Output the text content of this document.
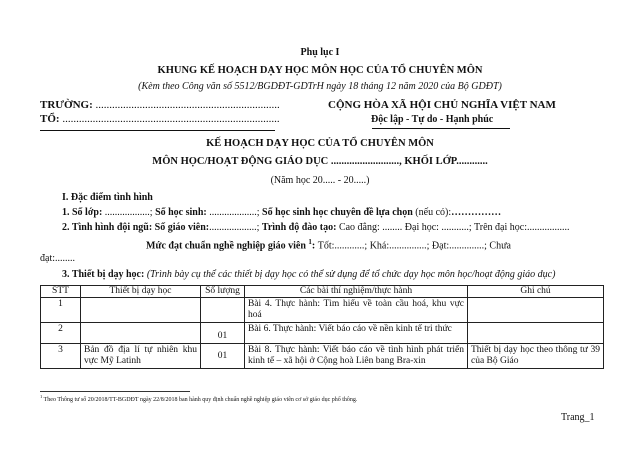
Phụ lục I
KHUNG KẾ HOẠCH DẠY HỌC MÔN HỌC CỦA TỔ CHUYÊN MÔN
(Kèm theo Công văn số 5512/BGDĐT-GDTrH ngày 18 tháng 12 năm 2020 của Bộ GDĐT)
TRƯỜNG: ...................................................................
TỔ: ...............................................................................
CỘNG HÒA XÃ HỘI CHỦ NGHĨA VIỆT NAM
Độc lập - Tự do - Hạnh phúc
KẾ HOẠCH DẠY HỌC CỦA TỔ CHUYÊN MÔN
MÔN HỌC/HOẠT ĐỘNG GIÁO DỤC .........................., KHỐI LỚP............
(Năm học 20..... - 20.....)
I. Đặc điểm tình hình
1. Số lớp: ..................; Số học sinh: ...................; Số học sinh học chuyên đề lựa chọn (nếu có):……………
2. Tình hình đội ngũ: Số giáo viên:...................; Trình độ đào tạo: Cao đẳng: ........ Đại học: ...........; Trên đại học:.................
Mức đạt chuẩn nghề nghiệp giáo viên $^1$: Tốt:............; Khá:...............; Đạt:..............; Chưa
đạt:........
3. Thiết bị dạy học: (Trình bày cụ thể các thiết bị dạy học có thể sử dụng để tổ chức dạy học môn học/hoạt động giáo dục)
STT	Thiết bị dạy học	Số lượng	Các bài thí nghiệm/thực hành	Ghi chú
1			Bài 4. Thực hành: Tìm hiểu về toàn cầu hoá, khu vực hoá	
2		01	Bài 6. Thực hành: Viết báo cáo về nền kinh tế tri thức	
3	Bản đồ địa lí tự nhiên khu vực Mỹ Latinh	01	Bài 8. Thực hành: Viết báo cáo về tình hình phát triển kinh tế – xã hội ở Cộng hoà Liên bang Bra-xin	Thiết bị dạy học theo thông tư 39 của Bộ Giáo
$^1$ Theo Thông tư số 20/2018/TT-BGDĐT ngày 22/8/2018 ban hành quy định chuẩn nghề nghiệp giáo viên cơ sở giáo dục phổ thông.
Trang_1
